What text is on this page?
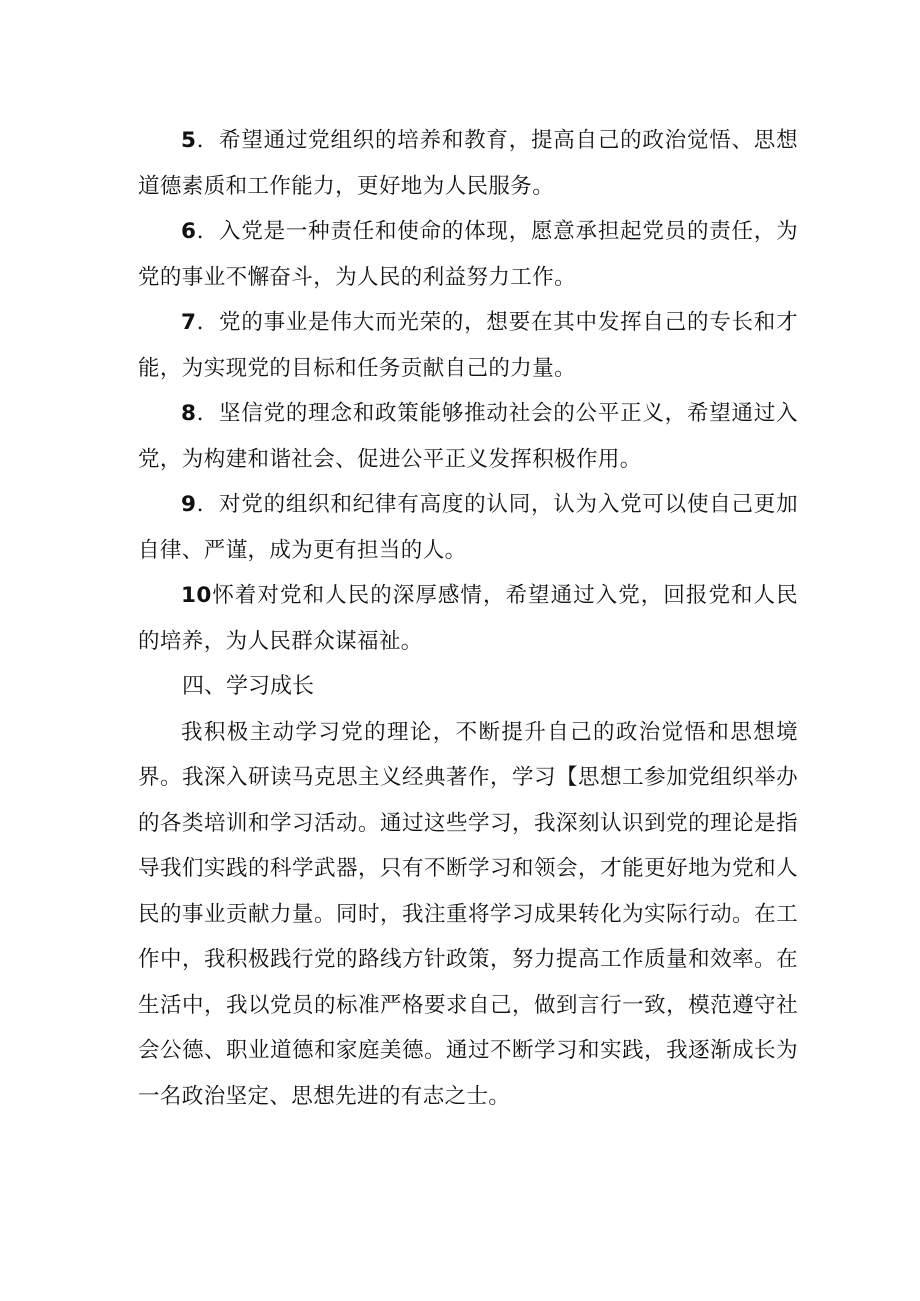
5．希望通过党组织的培养和教育，提高自己的政治觉悟、思想道德素质和工作能力，更好地为人民服务。

6．入党是一种责任和使命的体现，愿意承担起党员的责任，为党的事业不懈奋斗，为人民的利益努力工作。

7．党的事业是伟大而光荣的，想要在其中发挥自己的专长和才能，为实现党的目标和任务贡献自己的力量。

8．坚信党的理念和政策能够推动社会的公平正义，希望通过入党，为构建和谐社会、促进公平正义发挥积极作用。

9．对党的组织和纪律有高度的认同，认为入党可以使自己更加自律、严谨，成为更有担当的人。

10怀着对党和人民的深厚感情，希望通过入党，回报党和人民的培养，为人民群众谋福祉。

四、学习成长

我积极主动学习党的理论，不断提升自己的政治觉悟和思想境界。我深入研读马克思主义经典著作，学习【思想工参加党组织举办的各类培训和学习活动。通过这些学习，我深刻认识到党的理论是指导我们实践的科学武器，只有不断学习和领会，才能更好地为党和人民的事业贡献力量。同时，我注重将学习成果转化为实际行动。在工作中，我积极践行党的路线方针政策，努力提高工作质量和效率。在生活中，我以党员的标准严格要求自己，做到言行一致，模范遵守社会公德、职业道德和家庭美德。通过不断学习和实践，我逐渐成长为一名政治坚定、思想先进的有志之士。
